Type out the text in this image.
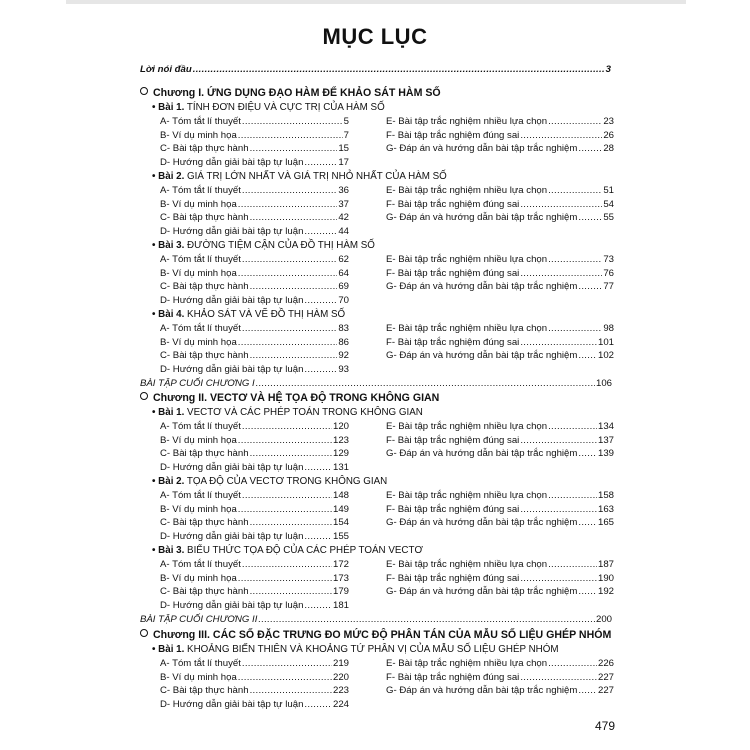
MỤC LỤC
Lời nói đầu .....	3
Chương I. ỨNG DỤNG ĐẠO HÀM ĐỂ KHẢO SÁT HÀM SỐ
• Bài 1. TÍNH ĐƠN ĐIỆU VÀ CỰC TRỊ CỦA HÀM SỐ
A- Tóm tắt lí thuyết .....	5	E- Bài tập trắc nghiệm nhiều lựa chọn .....	23
B- Ví dụ minh họa .....	7	F- Bài tập trắc nghiệm đúng sai .....	26
C- Bài tập thực hành .....	15	G- Đáp án và hướng dẫn bài tập trắc nghiệm .....	28
D- Hướng dẫn giải bài tập tự luận .....	17
• Bài 2. GIÁ TRỊ LỚN NHẤT VÀ GIÁ TRỊ NHỎ NHẤT CỦA HÀM SỐ
A- Tóm tắt lí thuyết .....	36	E- Bài tập trắc nghiệm nhiều lựa chọn .....	51
B- Ví dụ minh họa .....	37	F- Bài tập trắc nghiệm đúng sai .....	54
C- Bài tập thực hành .....	42	G- Đáp án và hướng dẫn bài tập trắc nghiệm .....	55
D- Hướng dẫn giải bài tập tự luận .....	44
• Bài 3. ĐƯỜNG TIỆM CẬN CỦA ĐỒ THỊ HÀM SỐ
A- Tóm tắt lí thuyết .....	62	E- Bài tập trắc nghiệm nhiều lựa chọn .....	73
B- Ví dụ minh họa .....	64	F- Bài tập trắc nghiệm đúng sai .....	76
C- Bài tập thực hành .....	69	G- Đáp án và hướng dẫn bài tập trắc nghiệm .....	77
D- Hướng dẫn giải bài tập tự luận .....	70
• Bài 4. KHẢO SÁT VÀ VẼ ĐỒ THỊ HÀM SỐ
A- Tóm tắt lí thuyết .....	83	E- Bài tập trắc nghiệm nhiều lựa chọn .....	98
B- Ví dụ minh họa .....	86	F- Bài tập trắc nghiệm đúng sai .....	101
C- Bài tập thực hành .....	92	G- Đáp án và hướng dẫn bài tập trắc nghiệm ..... 102
D- Hướng dẫn giải bài tập tự luận .....	93
BÀI TẬP CUỐI CHƯƠNG I .....	106
Chương II. VECTƠ VÀ HỆ TỌA ĐỘ TRONG KHÔNG GIAN
• Bài 1. VECTƠ VÀ CÁC PHÉP TOÁN TRONG KHÔNG GIAN
A- Tóm tắt lí thuyết .....	120	E- Bài tập trắc nghiệm nhiều lựa chọn .....	134
B- Ví dụ minh họa .....	123	F- Bài tập trắc nghiệm đúng sai .....	137
C- Bài tập thực hành .....	129	G- Đáp án và hướng dẫn bài tập trắc nghiệm ..... 139
D- Hướng dẫn giải bài tập tự luận .....	131
• Bài 2. TỌA ĐỘ CỦA VECTƠ TRONG KHÔNG GIAN
A- Tóm tắt lí thuyết .....	148	E- Bài tập trắc nghiệm nhiều lựa chọn .....	158
B- Ví dụ minh họa .....	149	F- Bài tập trắc nghiệm đúng sai .....	163
C- Bài tập thực hành .....	154	G- Đáp án và hướng dẫn bài tập trắc nghiệm ..... 165
D- Hướng dẫn giải bài tập tự luận .....	155
• Bài 3. BIỂU THỨC TỌA ĐỘ CỦA CÁC PHÉP TOÁN VECTƠ
A- Tóm tắt lí thuyết .....	172	E- Bài tập trắc nghiệm nhiều lựa chọn .....	187
B- Ví dụ minh họa .....	173	F- Bài tập trắc nghiệm đúng sai .....	190
C- Bài tập thực hành .....	179	G- Đáp án và hướng dẫn bài tập trắc nghiệm ..... 192
D- Hướng dẫn giải bài tập tự luận .....	181
BÀI TẬP CUỐI CHƯƠNG II .....	200
Chương III. CÁC SỐ ĐẶC TRƯNG ĐO MỨC ĐỘ PHÂN TÁN CỦA MẪU SỐ LIỆU GHÉP NHÓM
• Bài 1. KHOẢNG BIẾN THIÊN VÀ KHOẢNG TỨ PHÂN VỊ CỦA MẪU SỐ LIỆU GHÉP NHÓM
A- Tóm tắt lí thuyết .....	219	E- Bài tập trắc nghiệm nhiều lựa chọn .....	226
B- Ví dụ minh họa .....	220	F- Bài tập trắc nghiệm đúng sai .....	227
C- Bài tập thực hành .....	223	G- Đáp án và hướng dẫn bài tập trắc nghiệm ..... 227
D- Hướng dẫn giải bài tập tự luận .....	224
479
